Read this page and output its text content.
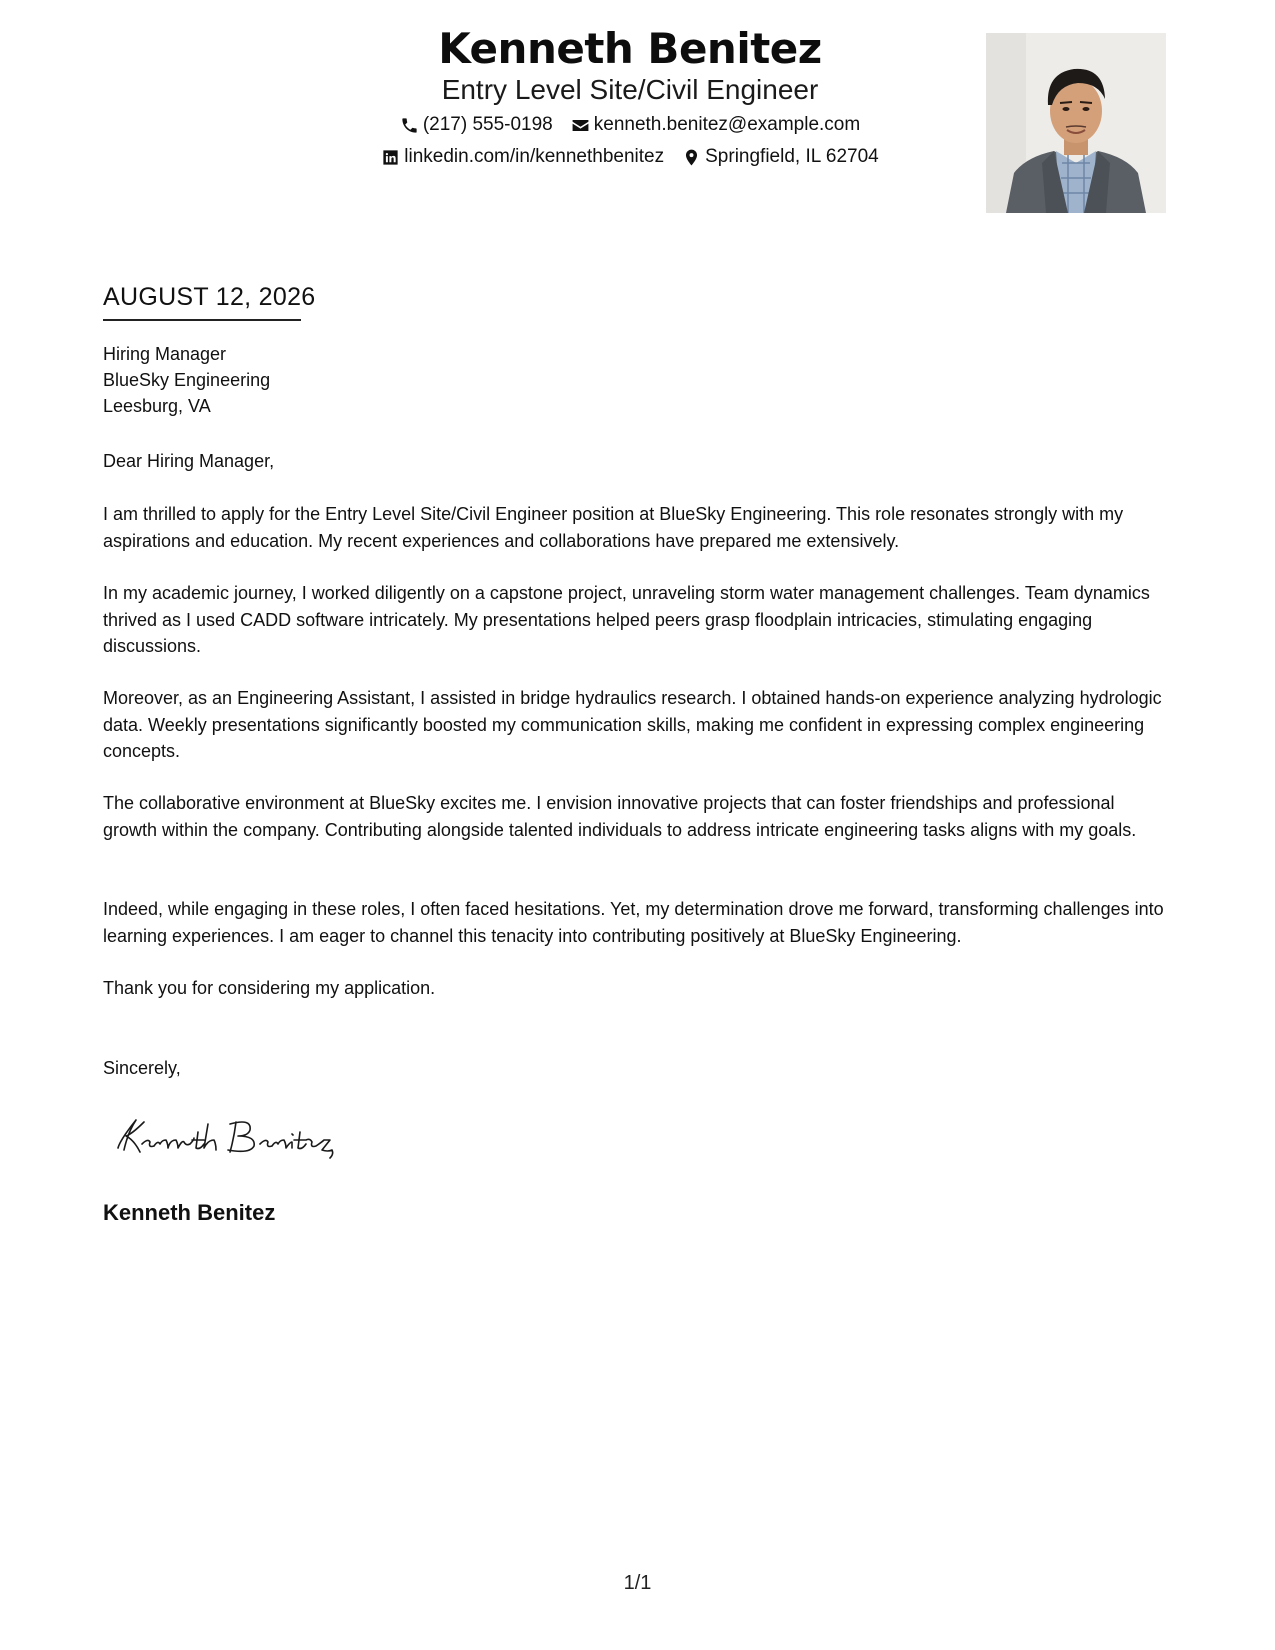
Kenneth Benitez
Entry Level Site/Civil Engineer
(217) 555-0198 kenneth.benitez@example.com
linkedin.com/in/kennethbenitez Springfield, IL 62704
AUGUST 12, 2026
Hiring Manager
BlueSky Engineering
Leesburg, VA
Dear Hiring Manager,
I am thrilled to apply for the Entry Level Site/Civil Engineer position at BlueSky Engineering. This role resonates strongly with my aspirations and education. My recent experiences and collaborations have prepared me extensively.
In my academic journey, I worked diligently on a capstone project, unraveling storm water management challenges. Team dynamics thrived as I used CADD software intricately. My presentations helped peers grasp floodplain intricacies, stimulating engaging discussions.
Moreover, as an Engineering Assistant, I assisted in bridge hydraulics research. I obtained hands-on experience analyzing hydrologic data. Weekly presentations significantly boosted my communication skills, making me confident in expressing complex engineering concepts.
The collaborative environment at BlueSky excites me. I envision innovative projects that can foster friendships and professional growth within the company. Contributing alongside talented individuals to address intricate engineering tasks aligns with my goals.
Indeed, while engaging in these roles, I often faced hesitations. Yet, my determination drove me forward, transforming challenges into learning experiences. I am eager to channel this tenacity into contributing positively at BlueSky Engineering.
Thank you for considering my application.
Sincerely,
Kenneth Benitez
1/1
